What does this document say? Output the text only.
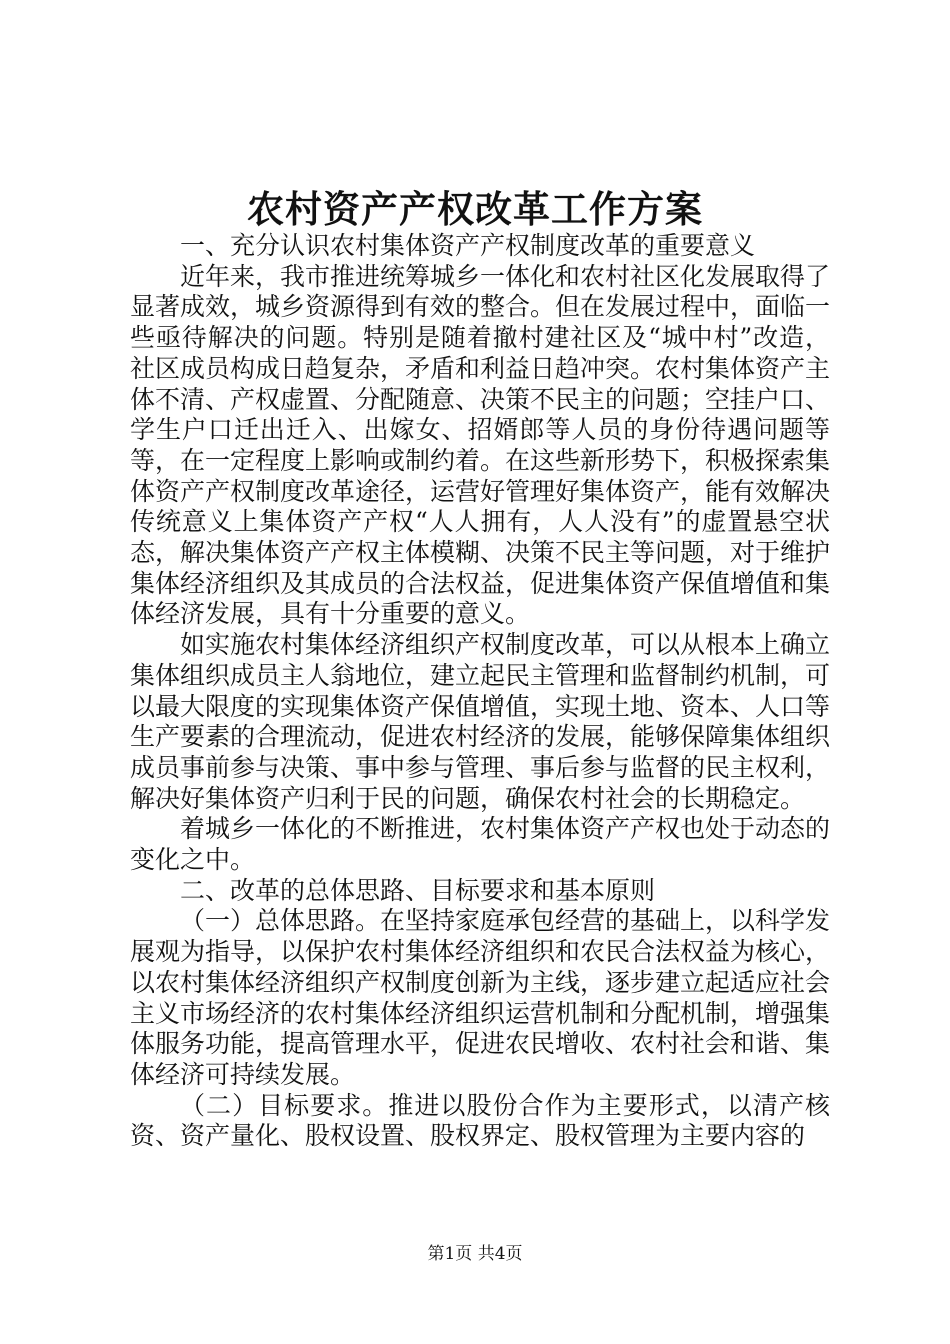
农村资产产权改革工作方案

一、充分认识农村集体资产产权制度改革的重要意义

近年来，我市推进统筹城乡一体化和农村社区化发展取得了显著成效，城乡资源得到有效的整合。但在发展过程中，面临一些亟待解决的问题。特别是随着撤村建社区及“城中村”改造，社区成员构成日趋复杂，矛盾和利益日趋冲突。农村集体资产主体不清、产权虚置、分配随意、决策不民主的问题；空挂户口、学生户口迁出迁入、出嫁女、招婿郎等人员的身份待遇问题等等，在一定程度上影响或制约着。在这些新形势下，积极探索集体资产产权制度改革途径，运营好管理好集体资产，能有效解决传统意义上集体资产产权“人人拥有，人人没有”的虚置悬空状态，解决集体资产产权主体模糊、决策不民主等问题，对于维护集体经济组织及其成员的合法权益，促进集体资产保值增值和集体经济发展，具有十分重要的意义。

如实施农村集体经济组织产权制度改革，可以从根本上确立集体组织成员主人翁地位，建立起民主管理和监督制约机制，可以最大限度的实现集体资产保值增值，实现土地、资本、人口等生产要素的合理流动，促进农村经济的发展，能够保障集体组织成员事前参与决策、事中参与管理、事后参与监督的民主权利，解决好集体资产归利于民的问题，确保农村社会的长期稳定。

着城乡一体化的不断推进，农村集体资产产权也处于动态的变化之中。

二、改革的总体思路、目标要求和基本原则

（一）总体思路。在坚持家庭承包经营的基础上，以科学发展观为指导，以保护农村集体经济组织和农民合法权益为核心，以农村集体经济组织产权制度创新为主线，逐步建立起适应社会主义市场经济的农村集体经济组织运营机制和分配机制，增强集体服务功能，提高管理水平，促进农民增收、农村社会和谐、集体经济可持续发展。

（二）目标要求。推进以股份合作为主要形式，以清产核资、资产量化、股权设置、股权界定、股权管理为主要内容的

第1页 共4页
